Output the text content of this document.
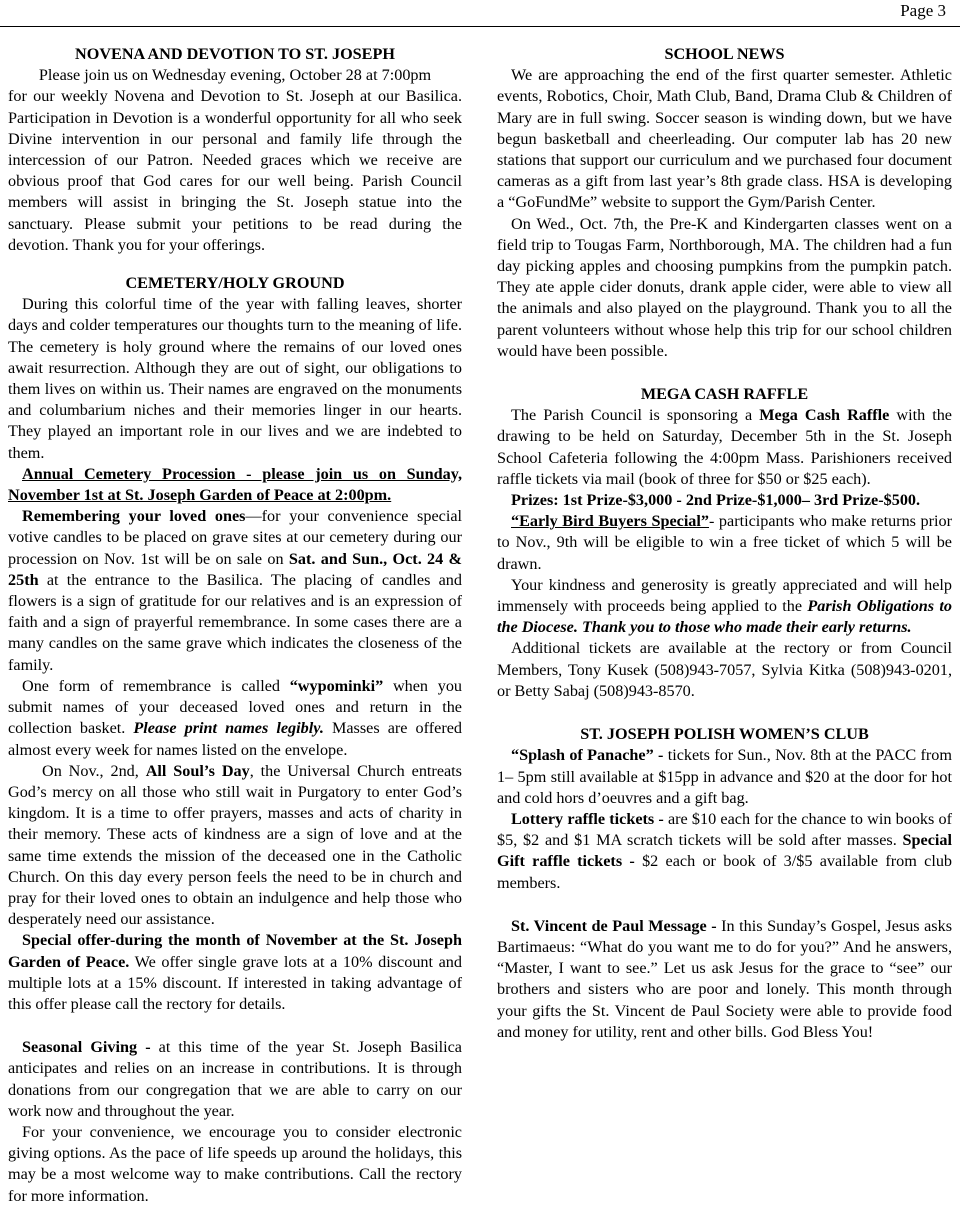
Page 3

NOVENA AND DEVOTION TO ST. JOSEPH

Please join us on Wednesday evening, October 28 at 7:00pm

for our weekly Novena and Devotion to St. Joseph at our Basilica. Participation in Devotion is a wonderful opportunity for all who seek Divine intervention in our personal and family life through the intercession of our Patron. Needed graces which we receive are obvious proof that God cares for our well being. Parish Council members will assist in bringing the St. Joseph statue into the sanctuary. Please submit your petitions to be read during the devotion. Thank you for your offerings.

CEMETERY/HOLY GROUND

During this colorful time of the year with falling leaves, shorter days and colder temperatures our thoughts turn to the meaning of life. The cemetery is holy ground where the remains of our loved ones await resurrection. Although they are out of sight, our obligations to them lives on within us. Their names are engraved on the monuments and columbarium niches and their memories linger in our hearts. They played an important role in our lives and we are indebted to them.

Annual Cemetery Procession - please join us on Sunday, November 1st at St. Joseph Garden of Peace at 2:00pm.

Remembering your loved ones—for your convenience special votive candles to be placed on grave sites at our cemetery during our procession on Nov. 1st will be on sale on Sat. and Sun., Oct. 24 & 25th at the entrance to the Basilica. The placing of candles and flowers is a sign of gratitude for our relatives and is an expression of faith and a sign of prayerful remembrance. In some cases there are a many candles on the same grave which indicates the closeness of the family.

One form of remembrance is called “wypominki” when you submit names of your deceased loved ones and return in the collection basket. Please print names legibly. Masses are offered almost every week for names listed on the envelope.

On Nov., 2nd, All Soul’s Day, the Universal Church entreats God’s mercy on all those who still wait in Purgatory to enter God’s kingdom. It is a time to offer prayers, masses and acts of charity in their memory. These acts of kindness are a sign of love and at the same time extends the mission of the deceased one in the Catholic Church. On this day every person feels the need to be in church and pray for their loved ones to obtain an indulgence and help those who desperately need our assistance.

Special offer-during the month of November at the St. Joseph Garden of Peace. We offer single grave lots at a 10% discount and multiple lots at a 15% discount. If interested in taking advantage of this offer please call the rectory for details.

Seasonal Giving - at this time of the year St. Joseph Basilica anticipates and relies on an increase in contributions. It is through donations from our congregation that we are able to carry on our work now and throughout the year.

For your convenience, we encourage you to consider electronic giving options. As the pace of life speeds up around the holidays, this may be a most welcome way to make contributions. Call the rectory for more information.

SCHOOL NEWS

We are approaching the end of the first quarter semester. Athletic events, Robotics, Choir, Math Club, Band, Drama Club & Children of Mary are in full swing. Soccer season is winding down, but we have begun basketball and cheerleading. Our computer lab has 20 new stations that support our curriculum and we purchased four document cameras as a gift from last year’s 8th grade class. HSA is developing a “GoFundMe” website to support the Gym/Parish Center.

On Wed., Oct. 7th, the Pre-K and Kindergarten classes went on a field trip to Tougas Farm, Northborough, MA. The children had a fun day picking apples and choosing pumpkins from the pumpkin patch. They ate apple cider donuts, drank apple cider, were able to view all the animals and also played on the playground. Thank you to all the parent volunteers without whose help this trip for our school children would have been possible.

MEGA CASH RAFFLE

The Parish Council is sponsoring a Mega Cash Raffle with the drawing to be held on Saturday, December 5th in the St. Joseph School Cafeteria following the 4:00pm Mass. Parishioners received raffle tickets via mail (book of three for $50 or $25 each).

Prizes: 1st Prize-$3,000 - 2nd Prize-$1,000– 3rd Prize-$500.

“Early Bird Buyers Special”- participants who make returns prior to Nov., 9th will be eligible to win a free ticket of which 5 will be drawn.

Your kindness and generosity is greatly appreciated and will help immensely with proceeds being applied to the Parish Obligations to the Diocese. Thank you to those who made their early returns.

Additional tickets are available at the rectory or from Council Members, Tony Kusek (508)943-7057, Sylvia Kitka (508)943-0201, or Betty Sabaj (508)943-8570.

ST. JOSEPH POLISH WOMEN’S CLUB

“Splash of Panache” - tickets for Sun., Nov. 8th at the PACC from 1– 5pm still available at $15pp in advance and $20 at the door for hot and cold hors d’oeuvres and a gift bag.

Lottery raffle tickets - are $10 each for the chance to win books of $5, $2 and $1 MA scratch tickets will be sold after masses. Special Gift raffle tickets - $2 each or book of 3/$5 available from club members.

St. Vincent de Paul Message - In this Sunday’s Gospel, Jesus asks Bartimaeus: “What do you want me to do for you?” And he answers, “Master, I want to see.” Let us ask Jesus for the grace to “see” our brothers and sisters who are poor and lonely. This month through your gifts the St. Vincent de Paul Society were able to provide food and money for utility, rent and other bills. God Bless You!
